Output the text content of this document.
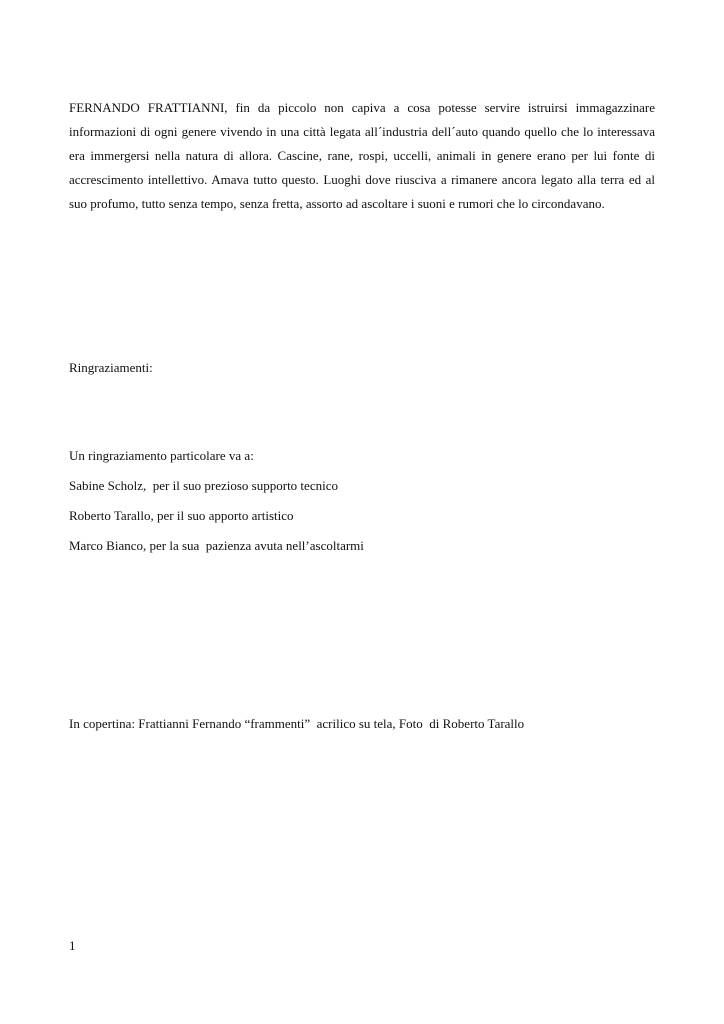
FERNANDO FRATTIANNI, fin da piccolo non capiva a cosa potesse servire istruirsi immagazzinare informazioni di ogni genere vivendo in una città legata all´industria dell´auto quando quello che lo interessava era immergersi nella natura di allora. Cascine, rane, rospi, uccelli, animali in genere erano per lui fonte di accrescimento intellettivo. Amava tutto questo. Luoghi dove riusciva a rimanere ancora legato alla terra ed al suo profumo, tutto senza tempo, senza fretta, assorto ad ascoltare i suoni e rumori che lo circondavano.

Ringraziamenti:

Un ringraziamento particolare va a:

Sabine Scholz,  per il suo prezioso supporto tecnico

Roberto Tarallo, per il suo apporto artistico

Marco Bianco, per la sua  pazienza avuta nell’ascoltarmi

In copertina: Frattianni Fernando “frammenti”  acrilico su tela, Foto  di Roberto Tarallo

1
